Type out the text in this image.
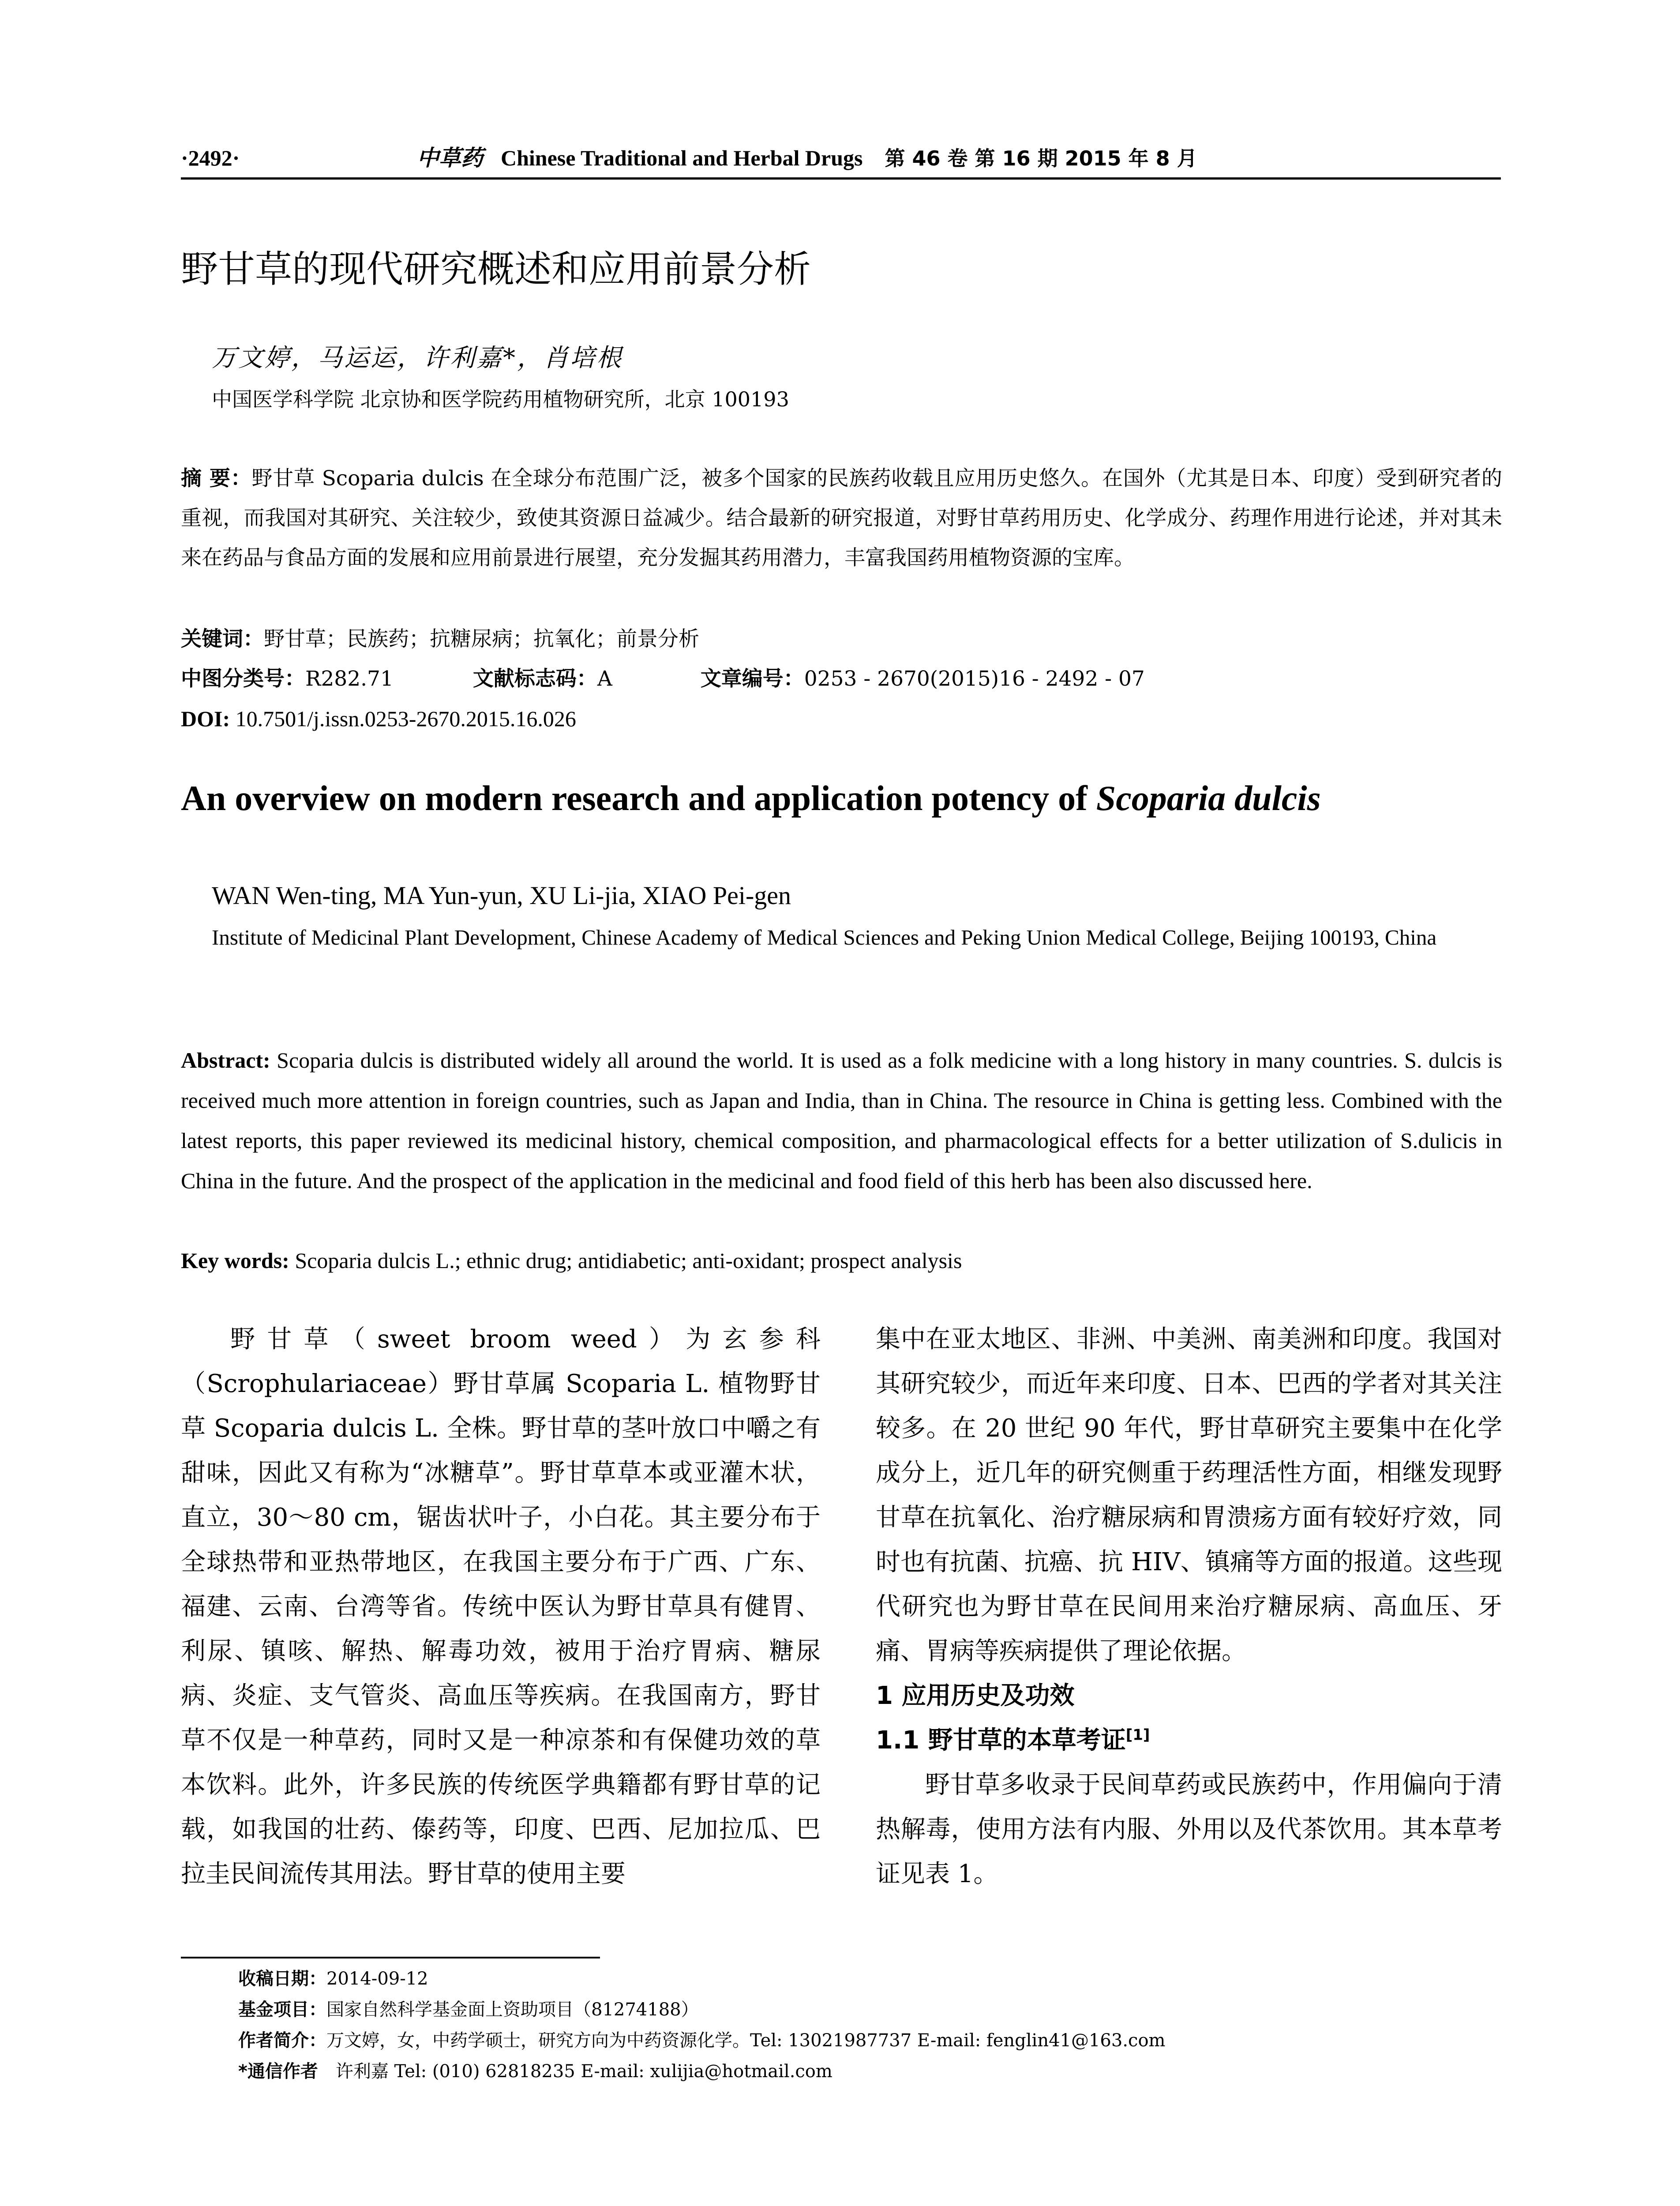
·2492·	中草药 Chinese Traditional and Herbal Drugs 第 46 卷 第 16 期 2015 年 8 月
野甘草的现代研究概述和应用前景分析
万文婷，马运运，许利嘉*，肖培根
中国医学科学院 北京协和医学院药用植物研究所，北京 100193
摘 要：野甘草 Scoparia dulcis 在全球分布范围广泛，被多个国家的民族药收载且应用历史悠久。在国外（尤其是日本、印度）受到研究者的重视，而我国对其研究、关注较少，致使其资源日益减少。结合最新的研究报道，对野甘草药用历史、化学成分、药理作用进行论述，并对其未来在药品与食品方面的发展和应用前景进行展望，充分发掘其药用潜力，丰富我国药用植物资源的宝库。
关键词：野甘草；民族药；抗糖尿病；抗氧化；前景分析
中图分类号：R282.71	文献标志码：A	文章编号：0253 - 2670(2015)16 - 2492 - 07
DOI: 10.7501/j.issn.0253-2670.2015.16.026
An overview on modern research and application potency of Scoparia dulcis
WAN Wen-ting, MA Yun-yun, XU Li-jia, XIAO Pei-gen
Institute of Medicinal Plant Development, Chinese Academy of Medical Sciences and Peking Union Medical College, Beijing 100193, China
Abstract: Scoparia dulcis is distributed widely all around the world. It is used as a folk medicine with a long history in many countries. S. dulcis is received much more attention in foreign countries, such as Japan and India, than in China. The resource in China is getting less. Combined with the latest reports, this paper reviewed its medicinal history, chemical composition, and pharmacological effects for a better utilization of S.dulicis in China in the future. And the prospect of the application in the medicinal and food field of this herb has been also discussed here.
Key words: Scoparia dulcis L.; ethnic drug; antidiabetic; anti-oxidant; prospect analysis

野甘草（sweet broom weed）为玄参科（Scrophulariaceae）野甘草属 Scoparia L. 植物野甘草 Scoparia dulcis L. 全株。野甘草的茎叶放口中嚼之有甜味，因此又有称为“冰糖草”。野甘草草本或亚灌木状，直立，30～80 cm，锯齿状叶子，小白花。其主要分布于全球热带和亚热带地区，在我国主要分布于广西、广东、福建、云南、台湾等省。传统中医认为野甘草具有健胃、利尿、镇咳、解热、解毒功效，被用于治疗胃病、糖尿病、炎症、支气管炎、高血压等疾病。在我国南方，野甘草不仅是一种草药，同时又是一种凉茶和有保健功效的草本饮料。此外，许多民族的传统医学典籍都有野甘草的记载，如我国的壮药、傣药等，印度、巴西、尼加拉瓜、巴拉圭民间流传其用法。野甘草的使用主要

集中在亚太地区、非洲、中美洲、南美洲和印度。我国对其研究较少，而近年来印度、日本、巴西的学者对其关注较多。在 20 世纪 90 年代，野甘草研究主要集中在化学成分上，近几年的研究侧重于药理活性方面，相继发现野甘草在抗氧化、治疗糖尿病和胃溃疡方面有较好疗效，同时也有抗菌、抗癌、抗 HIV、镇痛等方面的报道。这些现代研究也为野甘草在民间用来治疗糖尿病、高血压、牙痛、胃病等疾病提供了理论依据。

1 应用历史及功效

1.1 野甘草的本草考证[1]

野甘草多收录于民间草药或民族药中，作用偏向于清热解毒，使用方法有内服、外用以及代茶饮用。其本草考证见表 1。

收稿日期：2014-09-12
基金项目：国家自然科学基金面上资助项目（81274188）
作者简介：万文婷，女，中药学硕士，研究方向为中药资源化学。Tel: 13021987737 E-mail: fenglin41@163.com
*通信作者 许利嘉 Tel: (010) 62818235 E-mail: xulijia@hotmail.com
